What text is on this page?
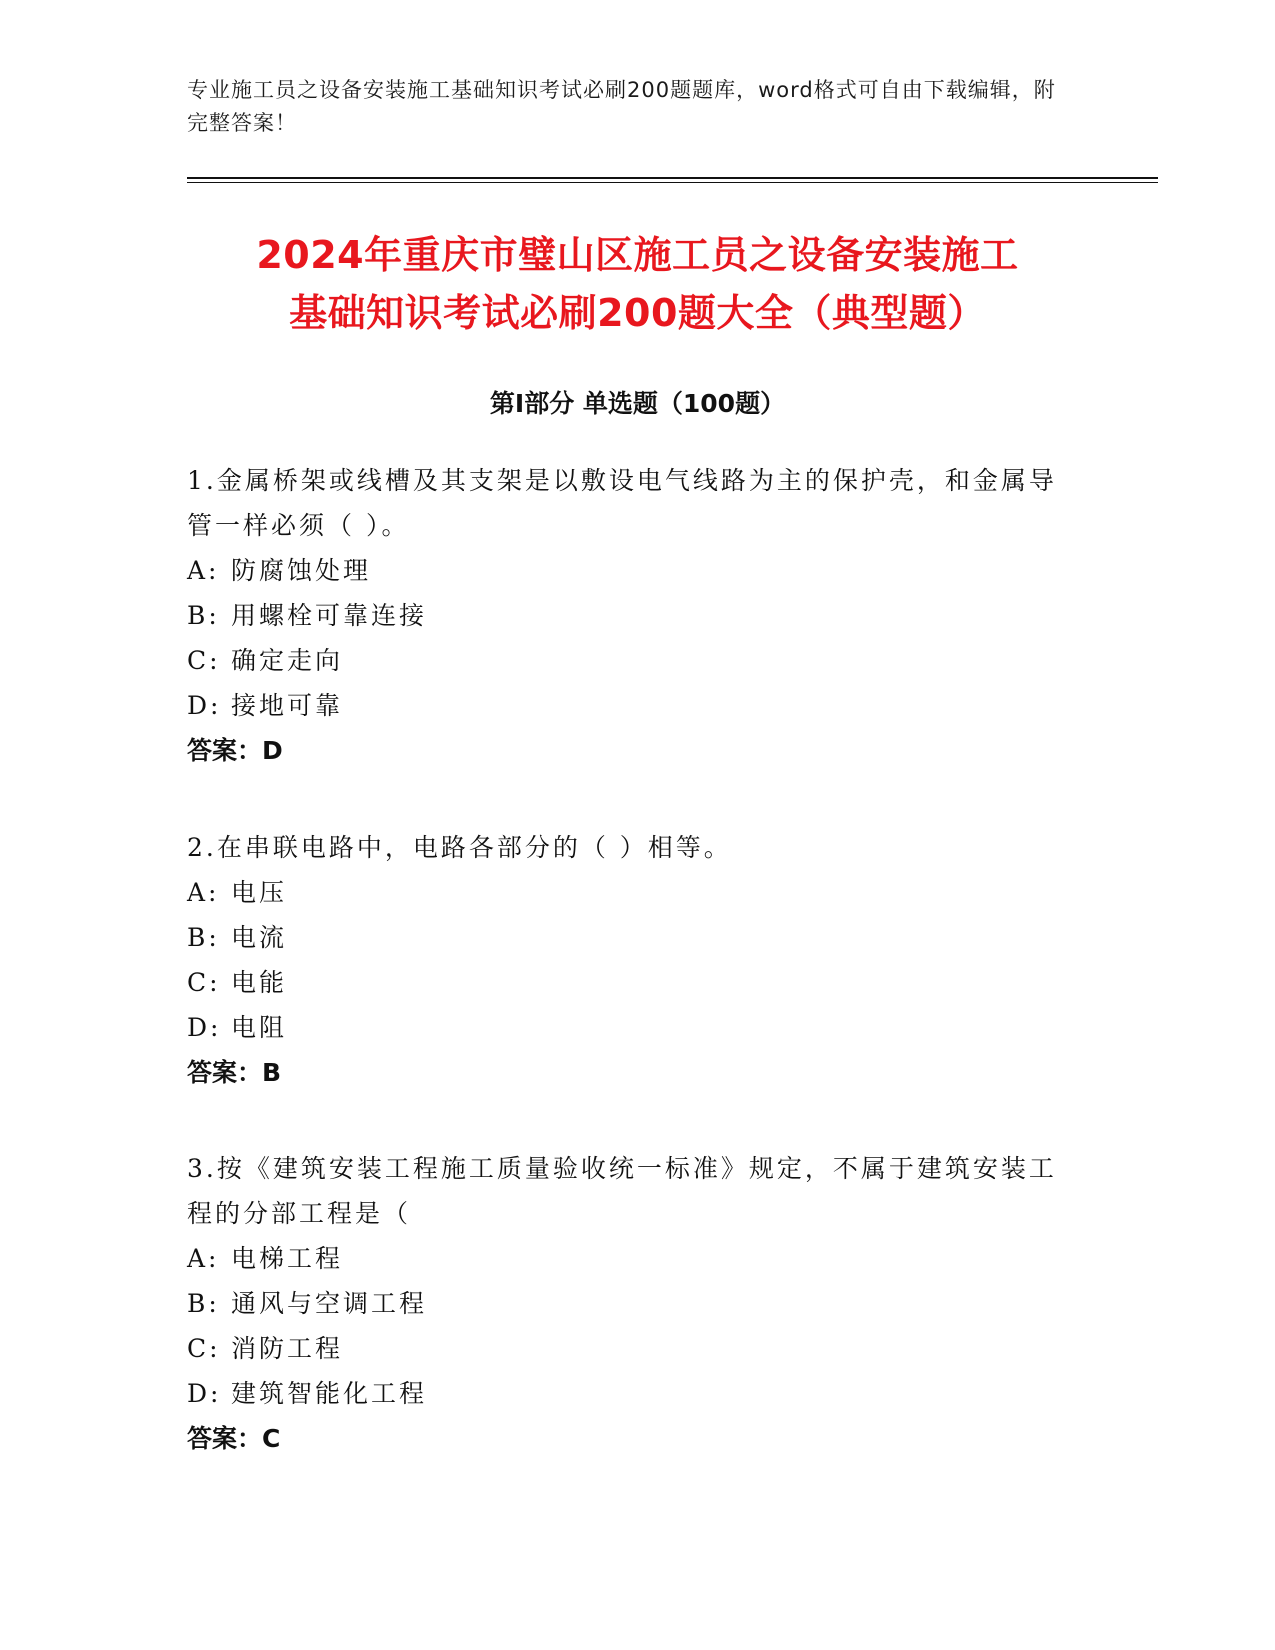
专业施工员之设备安装施工基础知识考试必刷200题题库，word格式可自由下载编辑，附完整答案！
2024年重庆市璧山区施工员之设备安装施工
基础知识考试必刷200题大全（典型题）
第I部分 单选题（100题）

1.金属桥架或线槽及其支架是以敷设电气线路为主的保护壳，和金属导管一样必须（ ）。

A: 防腐蚀处理

B: 用螺栓可靠连接

C: 确定走向

D: 接地可靠

答案：D

2.在串联电路中，电路各部分的（ ）相等。

A: 电压

B: 电流

C: 电能

D: 电阻

答案：B

3.按《建筑安装工程施工质量验收统一标准》规定，不属于建筑安装工程的分部工程是（

A: 电梯工程

B: 通风与空调工程

C: 消防工程

D: 建筑智能化工程

答案：C
